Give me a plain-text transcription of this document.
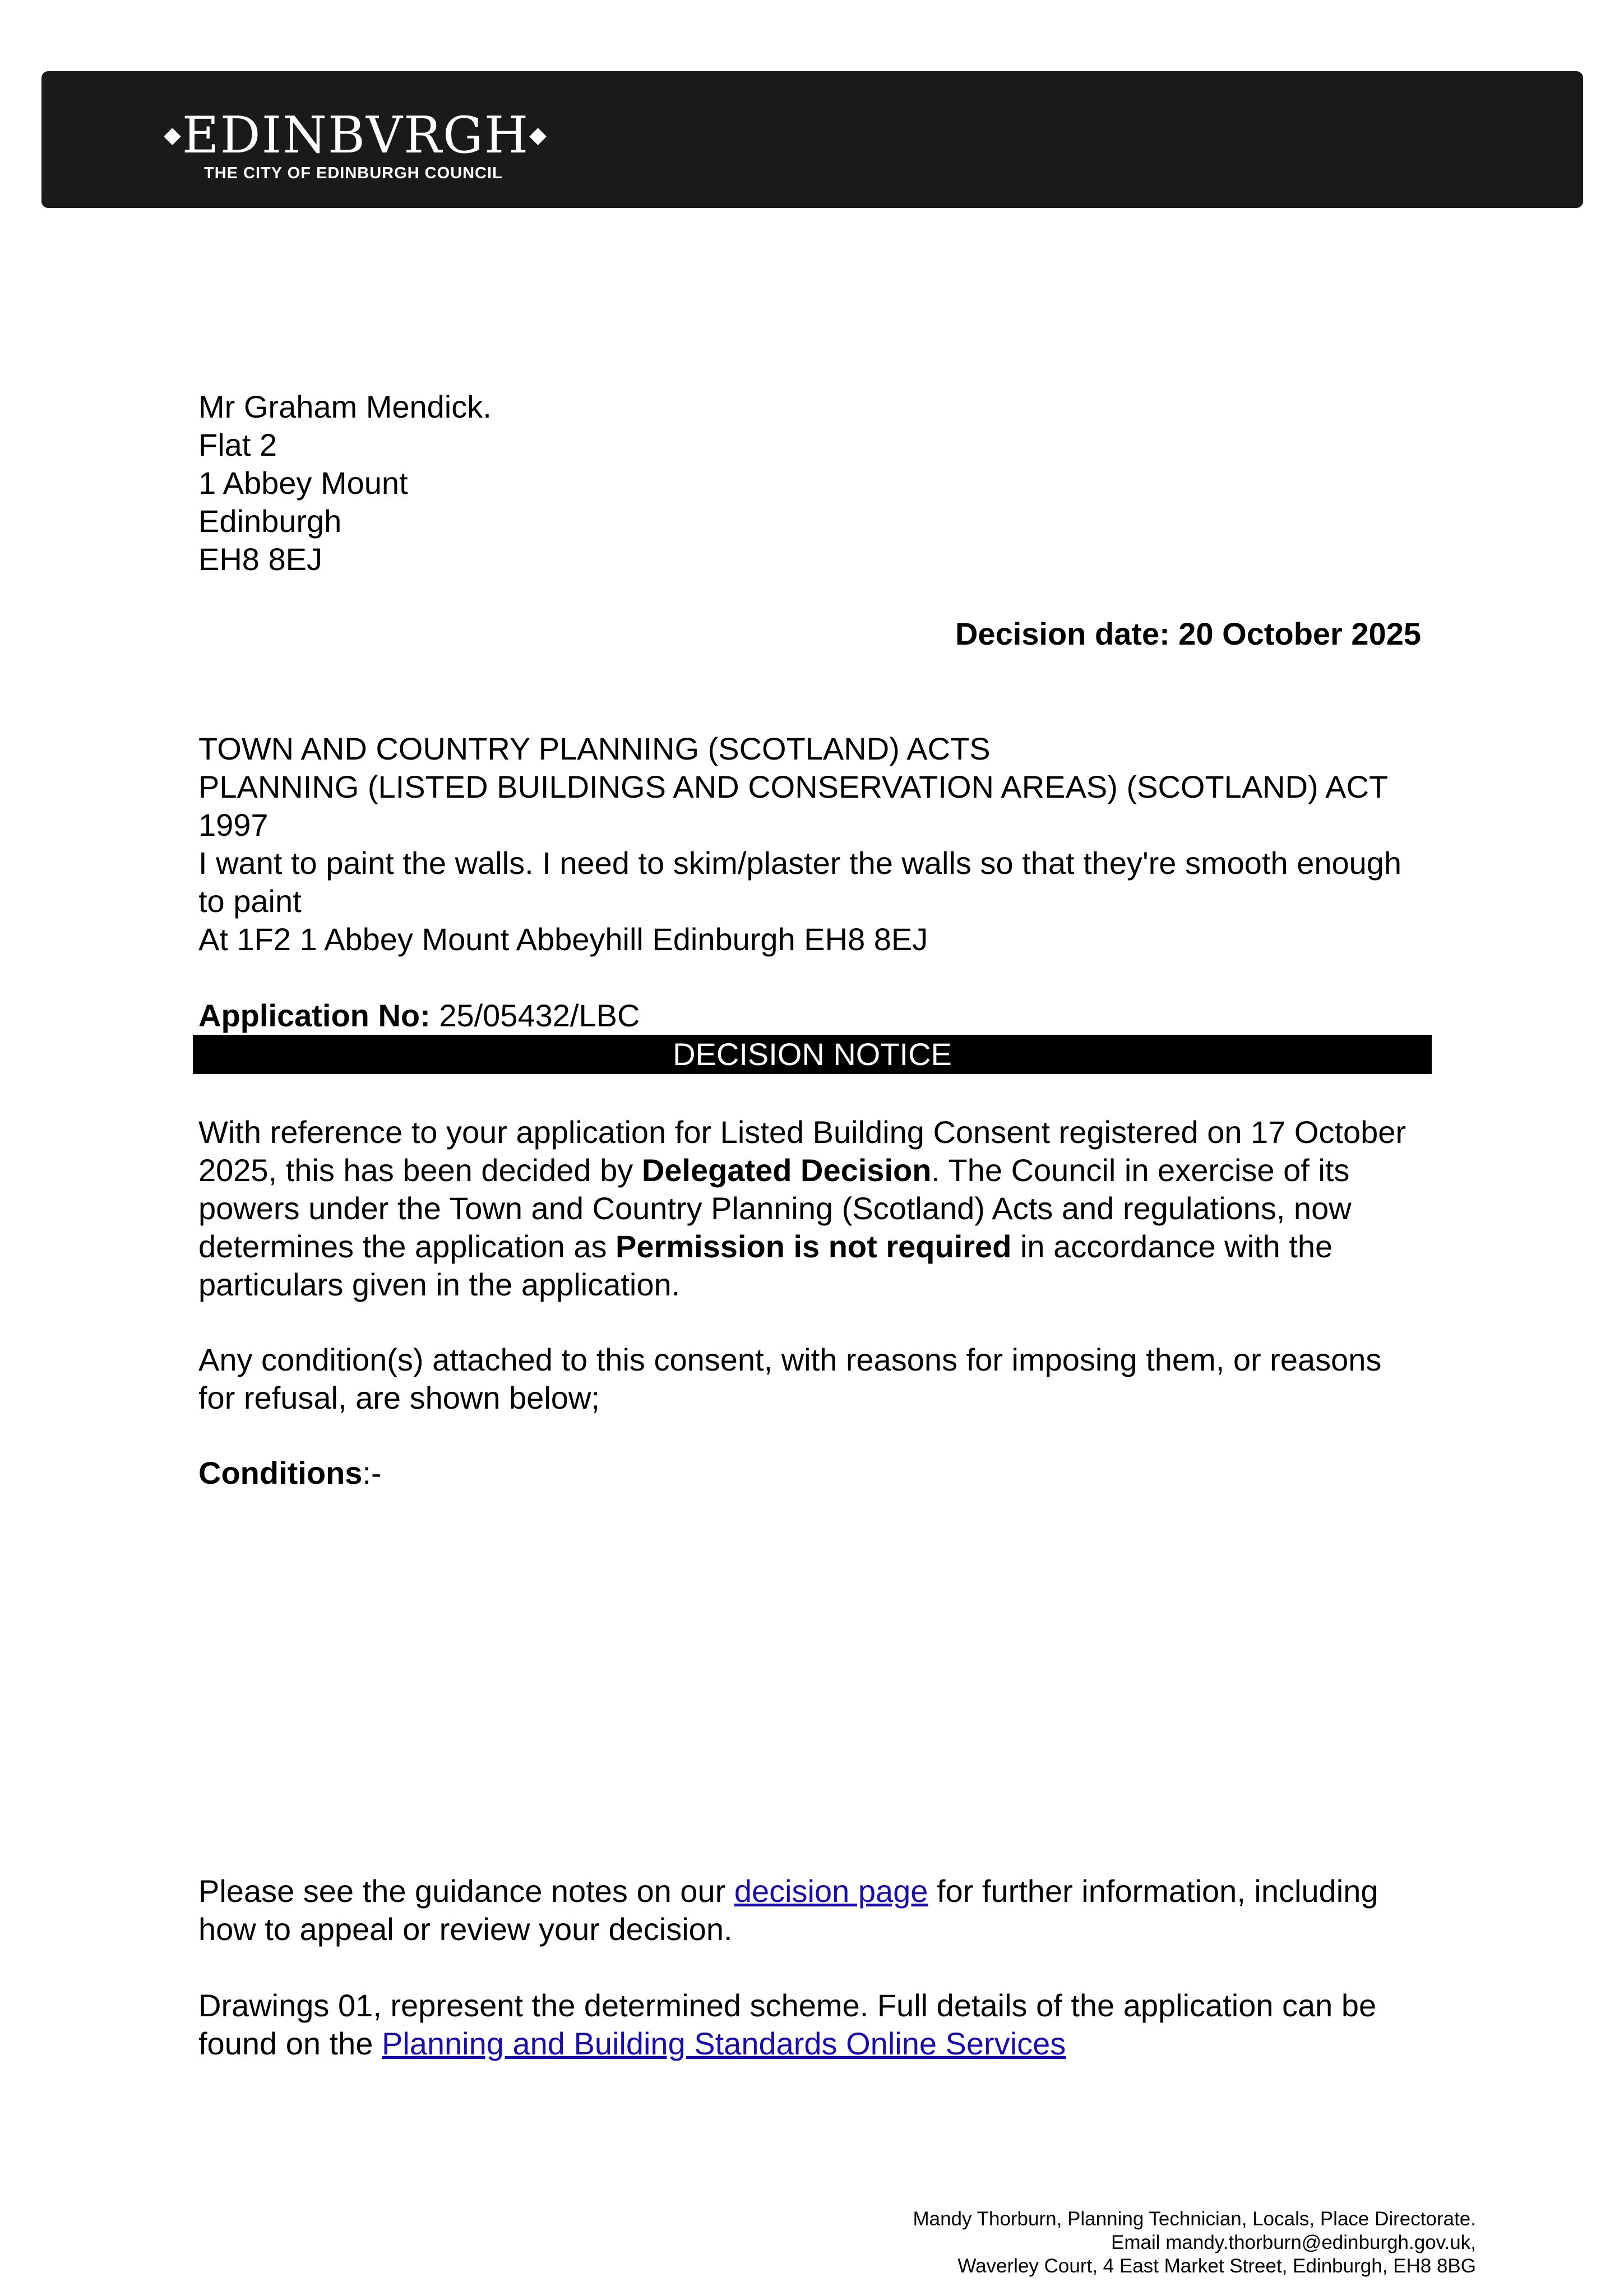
◆EDINBVRGH◆
THE CITY OF EDINBURGH COUNCIL
Mr Graham Mendick.
Flat 2
1 Abbey Mount
Edinburgh
EH8 8EJ
Decision date: 20 October 2025
TOWN AND COUNTRY PLANNING (SCOTLAND) ACTS
PLANNING (LISTED BUILDINGS AND CONSERVATION AREAS) (SCOTLAND) ACT
1997
I want to paint the walls. I need to skim/plaster the walls so that they're smooth enough
to paint
At 1F2 1 Abbey Mount Abbeyhill Edinburgh EH8 8EJ
Application No: 25/05432/LBC
DECISION NOTICE
With reference to your application for Listed Building Consent registered on 17 October
2025, this has been decided by Delegated Decision. The Council in exercise of its
powers under the Town and Country Planning (Scotland) Acts and regulations, now
determines the application as Permission is not required in accordance with the
particulars given in the application.
Any condition(s) attached to this consent, with reasons for imposing them, or reasons
for refusal, are shown below;
Conditions:-
Please see the guidance notes on our decision page for further information, including
how to appeal or review your decision.
Drawings 01, represent the determined scheme. Full details of the application can be
found on the Planning and Building Standards Online Services
Mandy Thorburn, Planning Technician, Locals, Place Directorate.
Email mandy.thorburn@edinburgh.gov.uk,
Waverley Court, 4 East Market Street, Edinburgh, EH8 8BG
